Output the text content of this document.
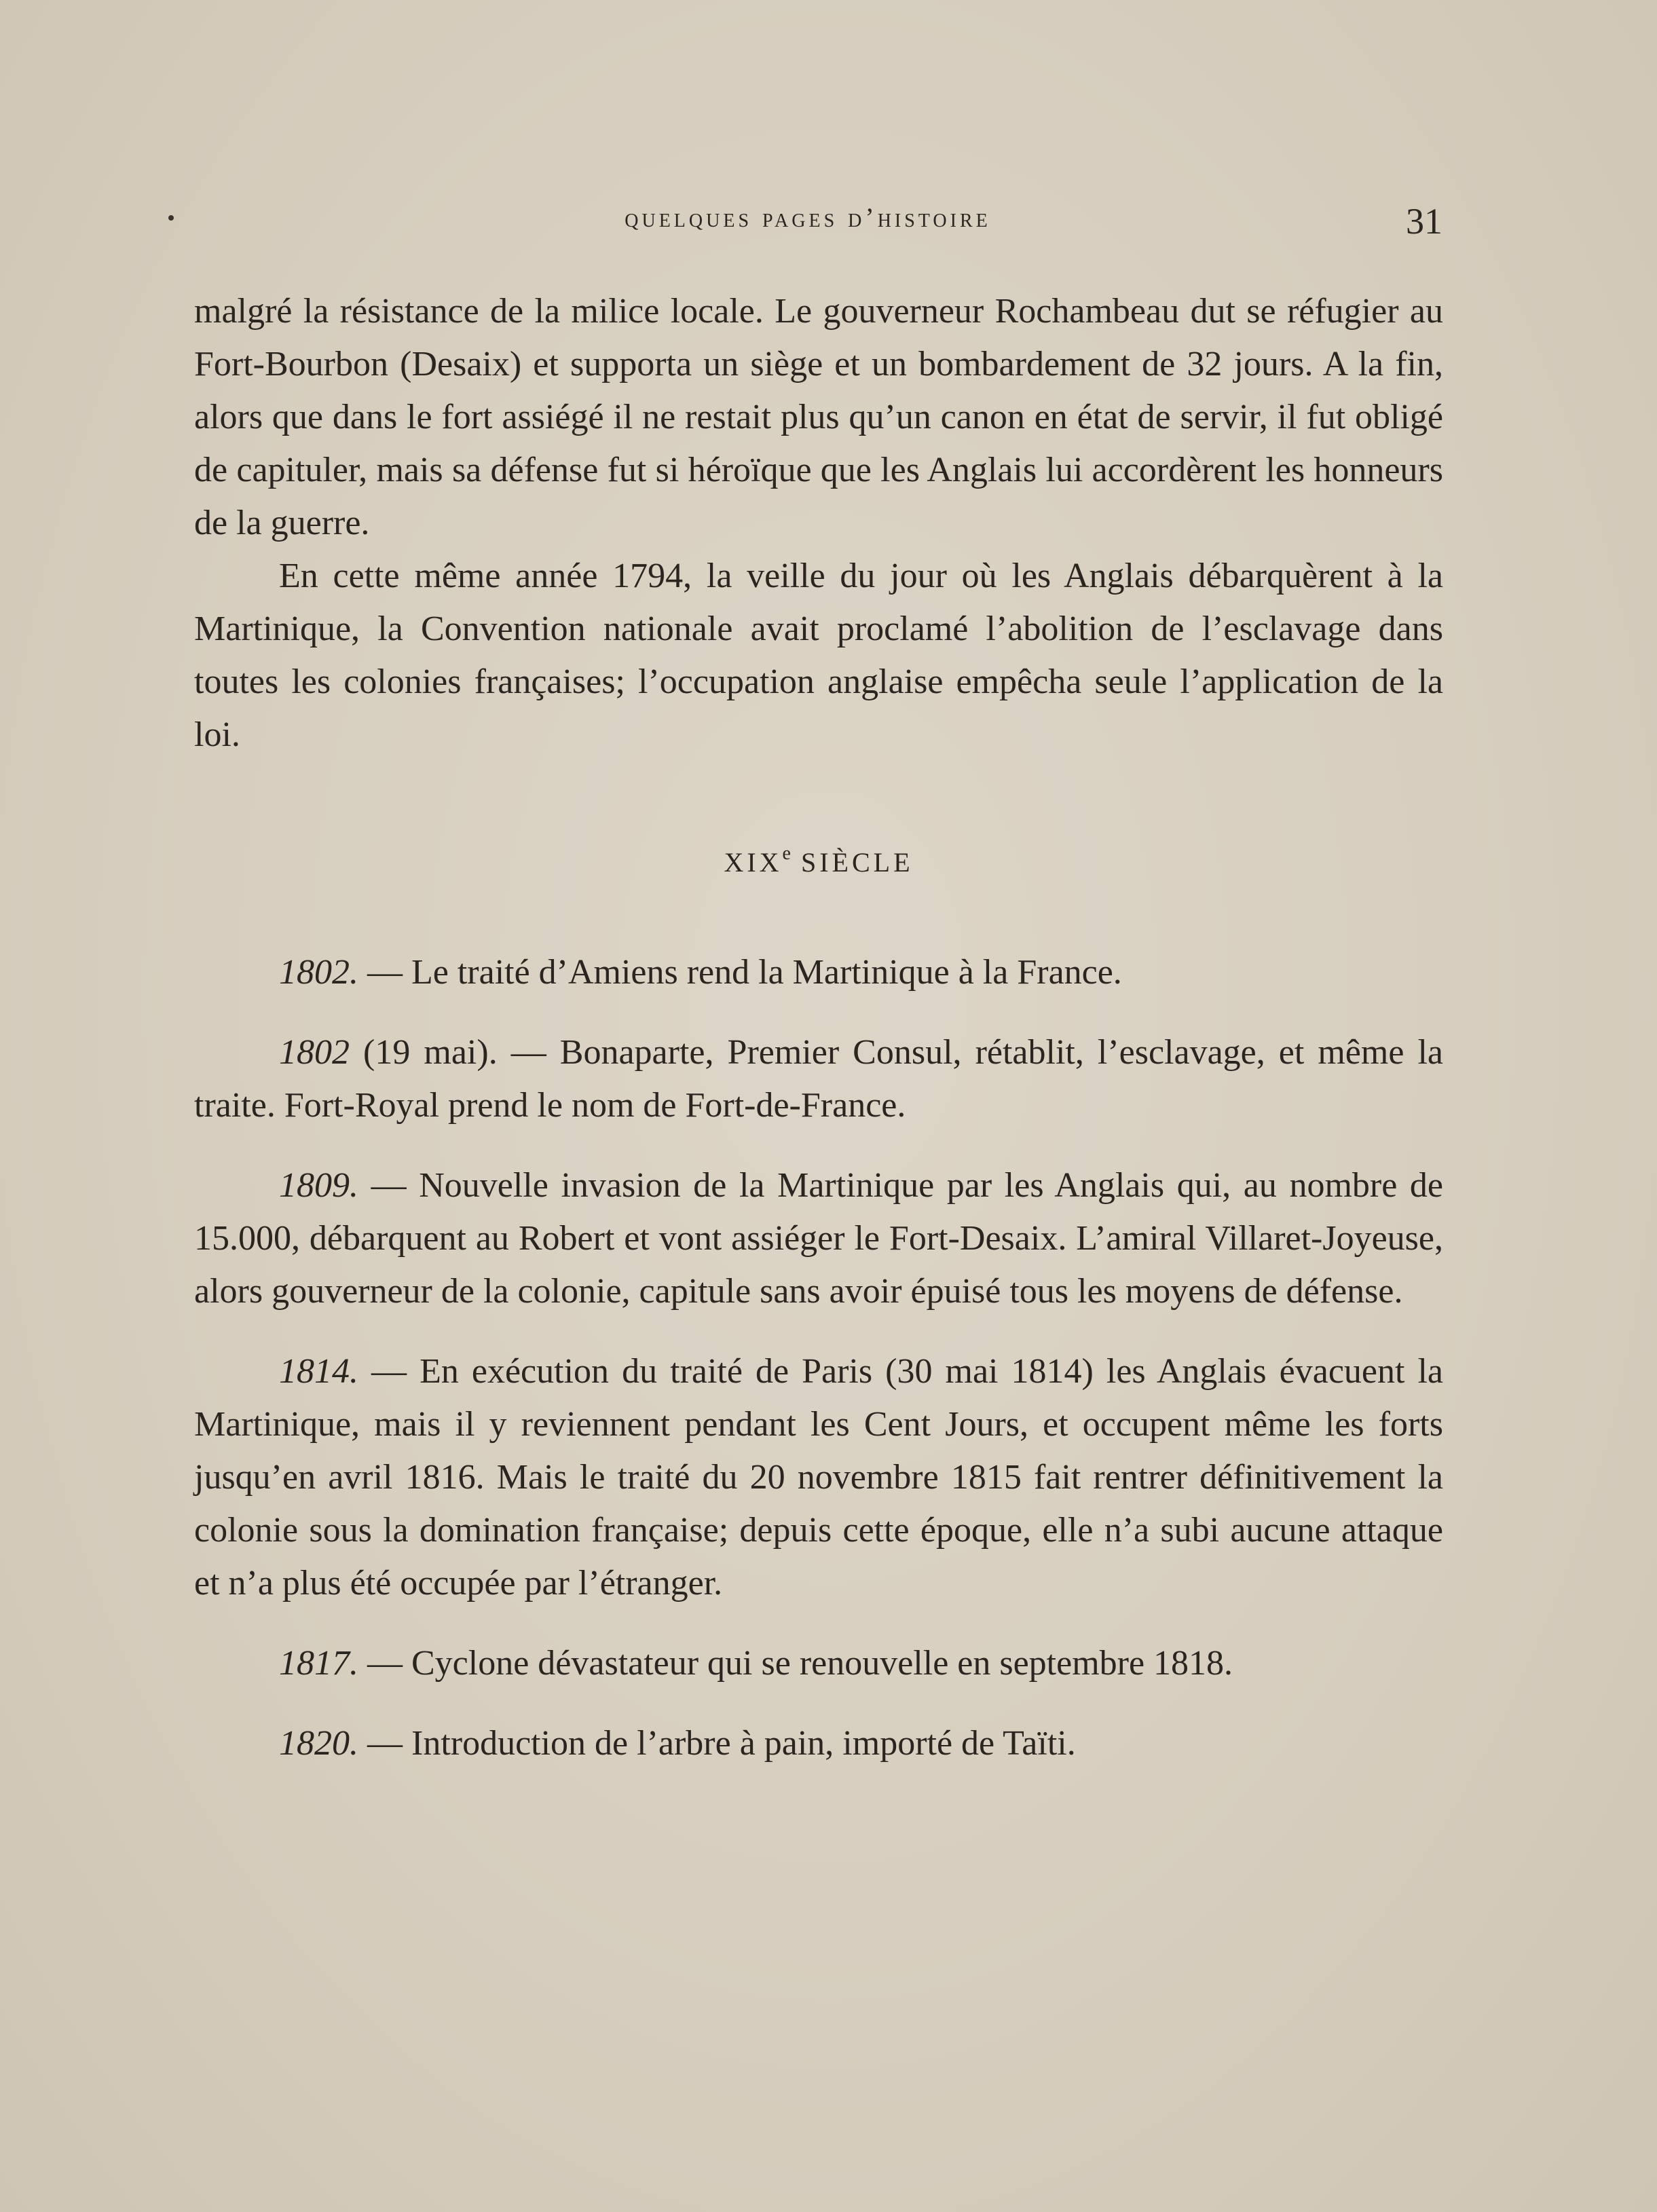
quelques pages d’histoire	31

malgré la résistance de la milice locale. Le gouverneur Rochambeau dut se réfugier au Fort-Bourbon (Desaix) et supporta un siège et un bombardement de 32 jours. A la fin, alors que dans le fort assiégé il ne restait plus qu’un canon en état de servir, il fut obligé de capituler, mais sa défense fut si héroïque que les Anglais lui accordèrent les honneurs de la guerre.

En cette même année 1794, la veille du jour où les Anglais débarquèrent à la Martinique, la Convention nationale avait proclamé l’abolition de l’esclavage dans toutes les colonies françaises; l’occupation anglaise empêcha seule l’application de la loi.

XIXe SIÈCLE

1802. — Le traité d’Amiens rend la Martinique à la France.

1802 (19 mai). — Bonaparte, Premier Consul, rétablit, l’esclavage, et même la traite. Fort-Royal prend le nom de Fort-de-France.

1809. — Nouvelle invasion de la Martinique par les Anglais qui, au nombre de 15.000, débarquent au Robert et vont assiéger le Fort-Desaix. L’amiral Villaret-Joyeuse, alors gouverneur de la colonie, capitule sans avoir épuisé tous les moyens de défense.

1814. — En exécution du traité de Paris (30 mai 1814) les Anglais évacuent la Martinique, mais il y reviennent pendant les Cent Jours, et occupent même les forts jusqu’en avril 1816. Mais le traité du 20 novembre 1815 fait rentrer définitivement la colonie sous la domination française; depuis cette époque, elle n’a subi aucune attaque et n’a plus été occupée par l’étranger.

1817. — Cyclone dévastateur qui se renouvelle en septembre 1818.

1820. — Introduction de l’arbre à pain, importé de Taïti.
